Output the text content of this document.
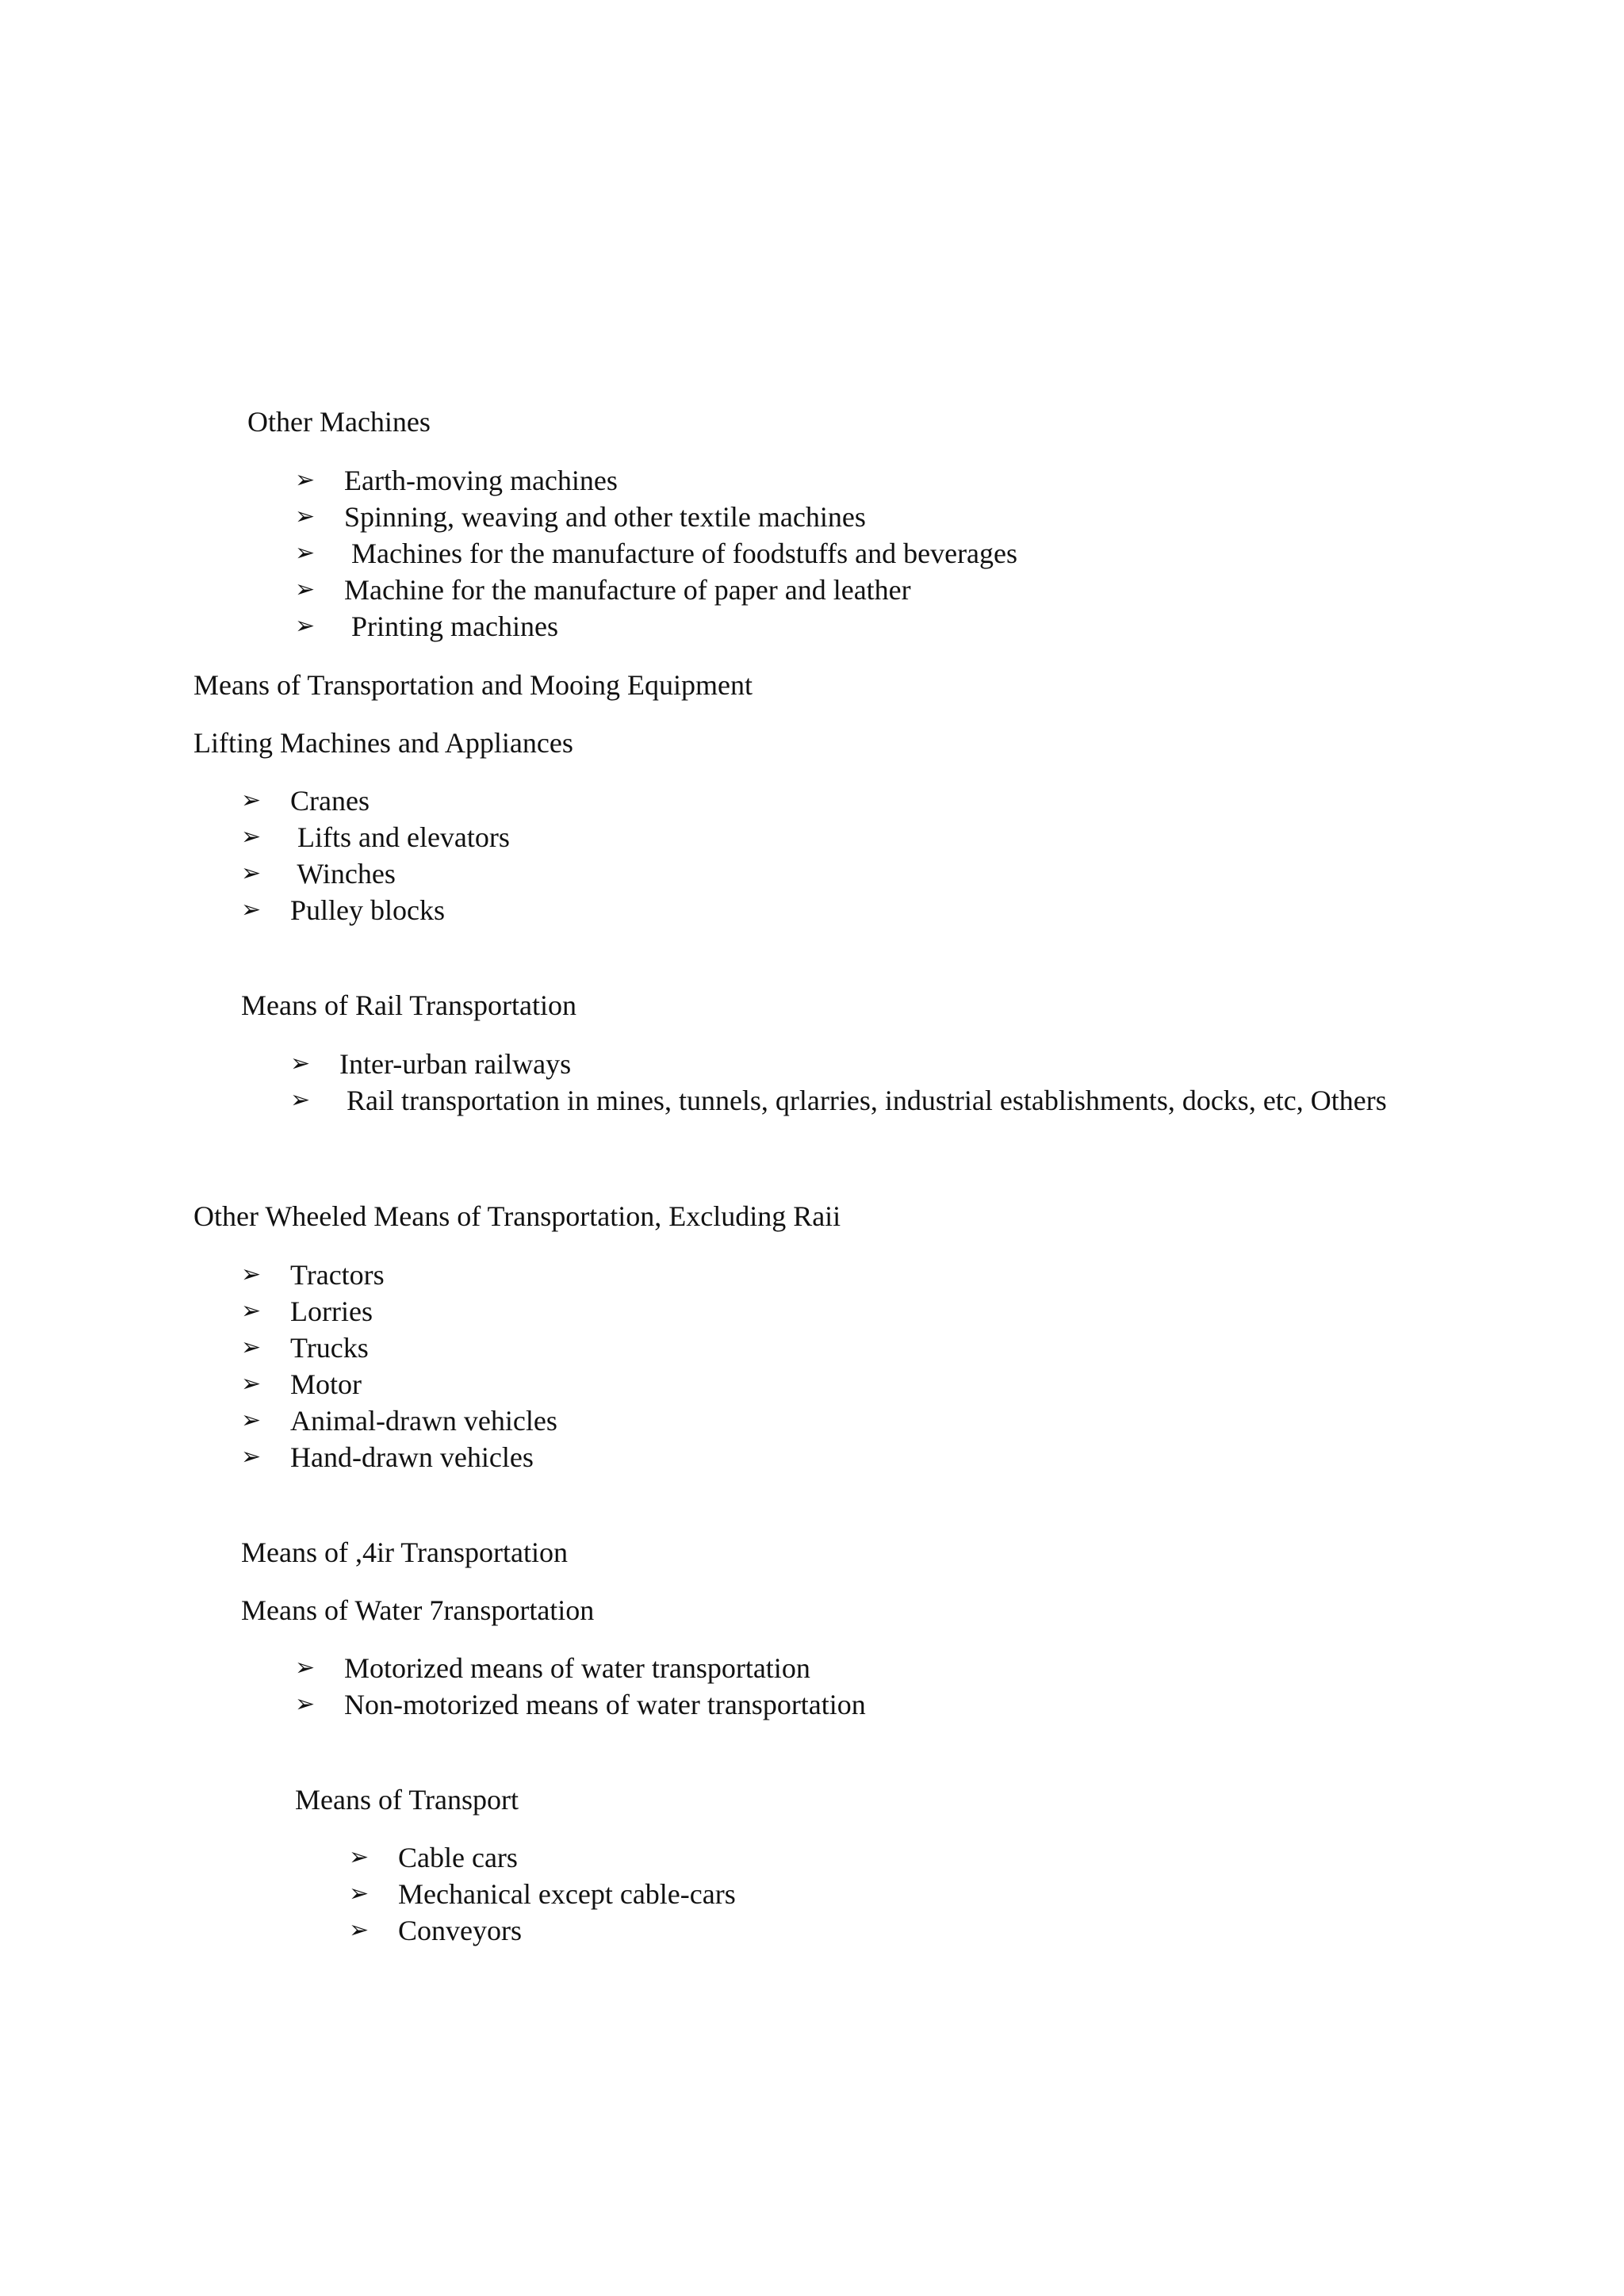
Other Machines
➢ Earth-moving machines
➢ Spinning, weaving and other textile machines
➢ Machines for the manufacture of foodstuffs and beverages
➢ Machine for the manufacture of paper and leather
➢ Printing machines
Means of Transportation and Mooing Equipment
Lifting Machines and Appliances
➢ Cranes
➢ Lifts and elevators
➢ Winches
➢ Pulley blocks
Means of Rail Transportation
➢ Inter-urban railways
➢ Rail transportation in mines, tunnels, qrlarries, industrial establishments, docks, etc, Others
Other Wheeled Means of Transportation, Excluding Raii
➢ Tractors
➢ Lorries
➢ Trucks
➢ Motor
➢ Animal-drawn vehicles
➢ Hand-drawn vehicles
Means of ,4ir Transportation
Means of Water 7ransportation
➢ Motorized means of water transportation
➢ Non-motorized means of water transportation
Means of Transport
➢ Cable cars
➢ Mechanical except cable-cars
➢ Conveyors
